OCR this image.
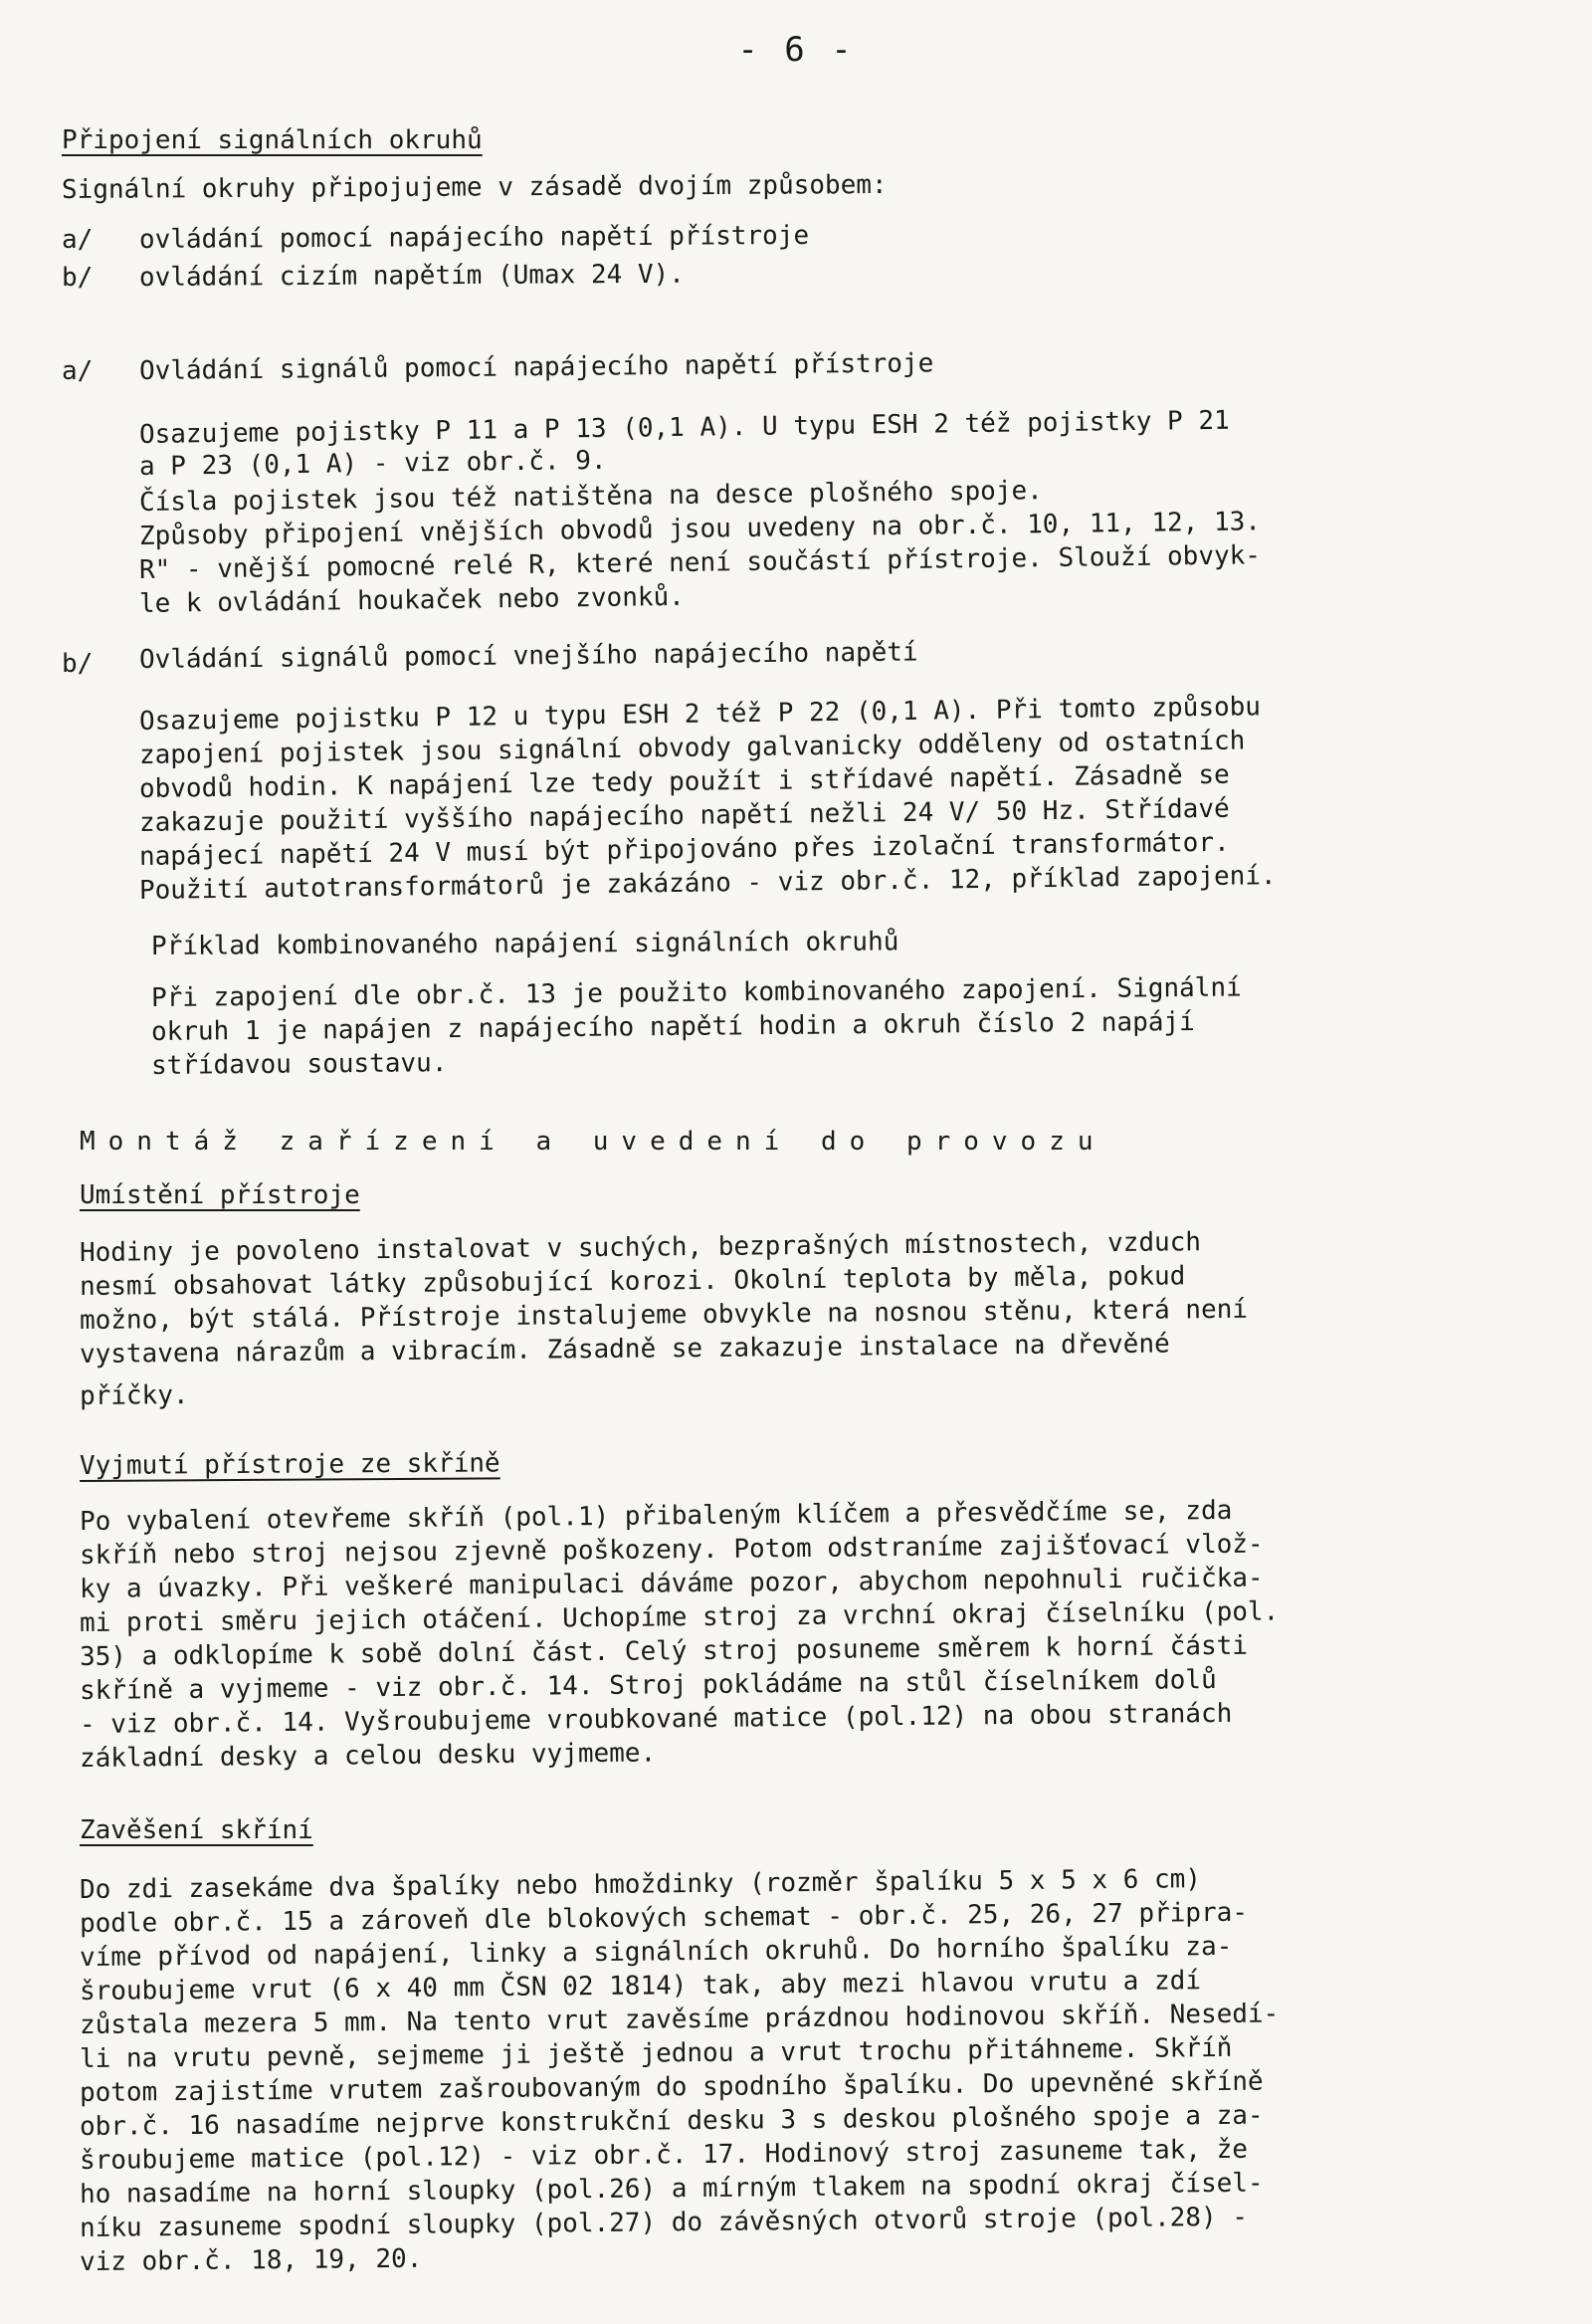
- 6 -
Připojení signálních okruhů
Signální okruhy připojujeme v zásadě dvojím způsobem:
a/ ovládání pomocí napájecího napětí přístroje
b/ ovládání cizím napětím (Umax 24 V).
a/ Ovládání signálů pomocí napájecího napětí přístroje
Osazujeme pojistky P 11 a P 13 (0,1 A). U typu ESH 2 též pojistky P 21
a P 23 (0,1 A) - viz obr.č. 9.
Čísla pojistek jsou též natištěna na desce plošného spoje.
Způsoby připojení vnějších obvodů jsou uvedeny na obr.č. 10, 11, 12, 13.
R" - vnější pomocné relé R, které není součástí přístroje. Slouží obvyk-
le k ovládání houkaček nebo zvonků.
b/ Ovládání signálů pomocí vnejšího napájecího napětí
Osazujeme pojistku P 12 u typu ESH 2 též P 22 (0,1 A). Při tomto způsobu
zapojení pojistek jsou signální obvody galvanicky odděleny od ostatních
obvodů hodin. K napájení lze tedy použít i střídavé napětí. Zásadně se
zakazuje použití vyššího napájecího napětí nežli 24 V/ 50 Hz. Střídavé
napájecí napětí 24 V musí být připojováno přes izolační transformátor.
Použití autotransformátorů je zakázáno - viz obr.č. 12, příklad zapojení.
Příklad kombinovaného napájení signálních okruhů
Při zapojení dle obr.č. 13 je použito kombinovaného zapojení. Signální
okruh 1 je napájen z napájecího napětí hodin a okruh číslo 2 napájí
střídavou soustavu.
Montáž zařízení a uvedení do provozu
Umístění přístroje
Hodiny je povoleno instalovat v suchých, bezprašných místnostech, vzduch
nesmí obsahovat látky způsobující korozi. Okolní teplota by měla, pokud
možno, být stálá. Přístroje instalujeme obvykle na nosnou stěnu, která není
vystavena nárazům a vibracím. Zásadně se zakazuje instalace na dřevěné
příčky.
Vyjmutí přístroje ze skříně
Po vybalení otevřeme skříň (pol.1) přibaleným klíčem a přesvědčíme se, zda
skříň nebo stroj nejsou zjevně poškozeny. Potom odstraníme zajišťovací vlož-
ky a úvazky. Při veškeré manipulaci dáváme pozor, abychom nepohnuli ručička-
mi proti směru jejich otáčení. Uchopíme stroj za vrchní okraj číselníku (pol.
35) a odklopíme k sobě dolní část. Celý stroj posuneme směrem k horní části
skříně a vyjmeme - viz obr.č. 14. Stroj pokládáme na stůl číselníkem dolů
- viz obr.č. 14. Vyšroubujeme vroubkované matice (pol.12) na obou stranách
základní desky a celou desku vyjmeme.
Zavěšení skříní
Do zdi zasekáme dva špalíky nebo hmoždinky (rozměr špalíku 5 x 5 x 6 cm)
podle obr.č. 15 a zároveň dle blokových schemat - obr.č. 25, 26, 27 připra-
víme přívod od napájení, linky a signálních okruhů. Do horního špalíku za-
šroubujeme vrut (6 x 40 mm ČSN 02 1814) tak, aby mezi hlavou vrutu a zdí
zůstala mezera 5 mm. Na tento vrut zavěsíme prázdnou hodinovou skříň. Nesedí-
li na vrutu pevně, sejmeme ji ještě jednou a vrut trochu přitáhneme. Skříň
potom zajistíme vrutem zašroubovaným do spodního špalíku. Do upevněné skříně
obr.č. 16 nasadíme nejprve konstrukční desku 3 s deskou plošného spoje a za-
šroubujeme matice (pol.12) - viz obr.č. 17. Hodinový stroj zasuneme tak, že
ho nasadíme na horní sloupky (pol.26) a mírným tlakem na spodní okraj čísel-
níku zasuneme spodní sloupky (pol.27) do závěsných otvorů stroje (pol.28) -
viz obr.č. 18, 19, 20.
